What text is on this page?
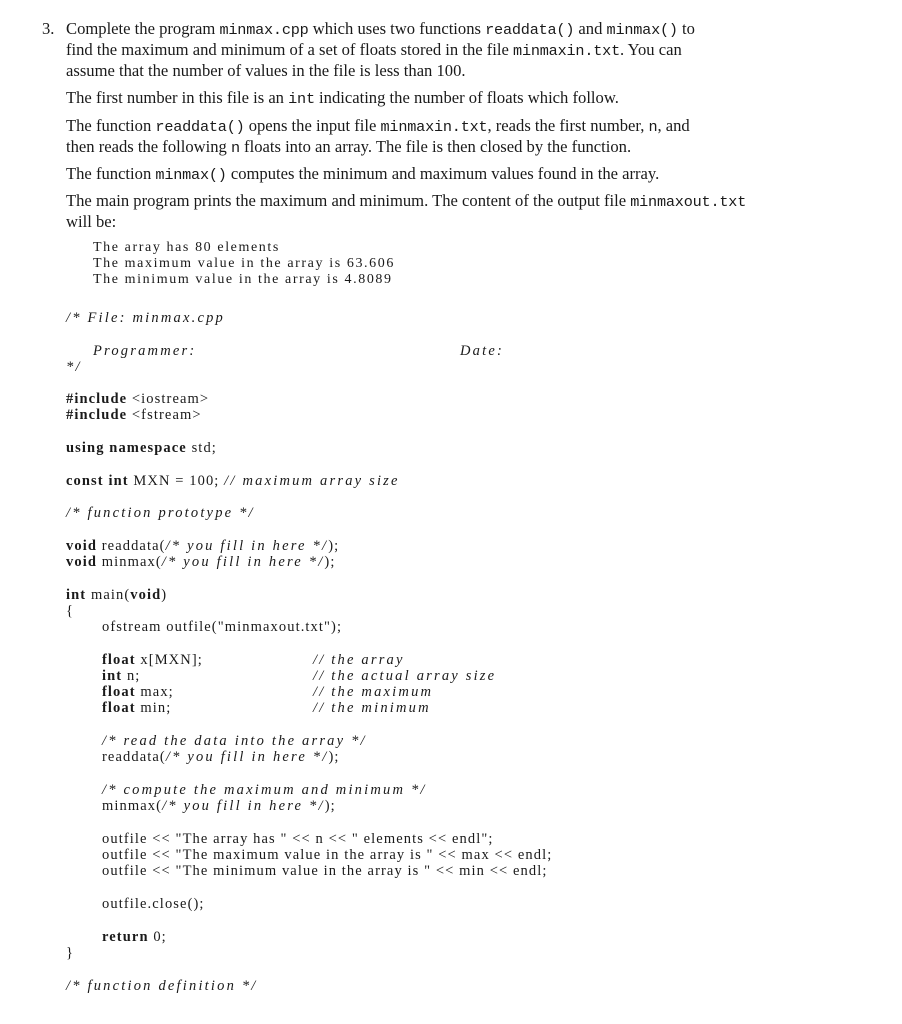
3. Complete the program minmax.cpp which uses two functions readdata() and minmax() to
find the maximum and minimum of a set of floats stored in the file minmaxin.txt. You can
assume that the number of values in the file is less than 100.
The first number in this file is an int indicating the number of floats which follow.
The function readdata() opens the input file minmaxin.txt, reads the first number, n, and
then reads the following n floats into an array. The file is then closed by the function.
The function minmax() computes the minimum and maximum values found in the array.
The main program prints the maximum and minimum. The content of the output file minmaxout.txt
will be:
The array has 80 elements
The maximum value in the array is 63.606
The minimum value in the array is 4.8089
/* File: minmax.cpp
Programmer:	Date:
*/
#include <iostream>
#include <fstream>
using namespace std;
const int MXN = 100; // maximum array size
/* function prototype */
void readdata(/* you fill in here */);
void minmax(/* you fill in here */);
int main(void)
{
ofstream outfile("minmaxout.txt");
float x[MXN];	// the array
int n;	// the actual array size
float max;	// the maximum
float min;	// the minimum
/* read the data into the array */
readdata(/* you fill in here */);
/* compute the maximum and minimum */
minmax(/* you fill in here */);
outfile << "The array has " << n << " elements << endl";
outfile << "The maximum value in the array is " << max << endl;
outfile << "The minimum value in the array is " << min << endl;
outfile.close();
return 0;
}
/* function definition */
